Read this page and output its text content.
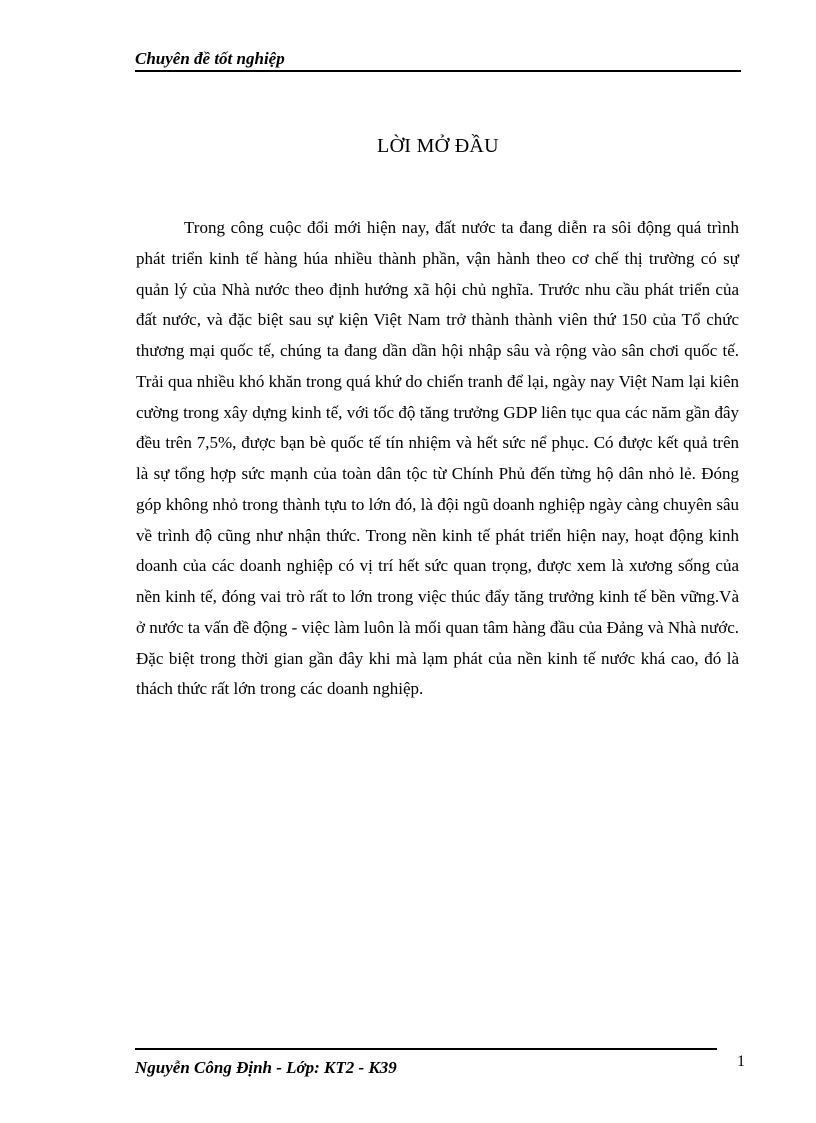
Chuyên đề tốt nghiệp
LỜI MỞ ĐẦU

Trong công cuộc đổi mới hiện nay, đất nước ta đang diễn ra sôi động quá trình phát triển kinh tế hàng húa nhiều thành phần, vận hành theo cơ chế thị trường có sự quản lý của Nhà nước theo định hướng xã hội chủ nghĩa. Trước nhu cầu phát triển của đất nước, và đặc biệt sau sự kiện Việt Nam trở thành thành viên thứ 150 của Tổ chức thương mại quốc tế, chúng ta đang dần dần hội nhập sâu và rộng vào sân chơi quốc tế. Trải qua nhiều khó khăn trong quá khứ do chiến tranh để lại, ngày nay Việt Nam lại kiên cường trong xây dựng kinh tế, với tốc độ tăng trưởng GDP liên tục qua các năm gần đây đều trên 7,5%, được bạn bè quốc tế tín nhiệm và hết sức nể phục. Có được kết quả trên là sự tổng hợp sức mạnh của toàn dân tộc từ Chính Phủ đến từng hộ dân nhỏ lẻ. Đóng góp không nhỏ trong thành tựu to lớn đó, là đội ngũ doanh nghiệp ngày càng chuyên sâu về trình độ cũng như nhận thức. Trong nền kinh tế phát triển hiện nay, hoạt động kinh doanh của các doanh nghiệp có vị trí hết sức quan trọng, được xem là xương sống của nền kinh tế, đóng vai trò rất to lớn trong việc thúc đẩy tăng trưởng kinh tế bền vững.Và ở nước ta vấn đề động - việc làm luôn là mối quan tâm hàng đầu của Đảng và Nhà nước. Đặc biệt trong thời gian gần đây khi mà lạm phát của nền kinh tế nước khá cao, đó là thách thức rất lớn trong các doanh nghiệp.

Nguyễn Công Định - Lớp: KT2 - K39	1
